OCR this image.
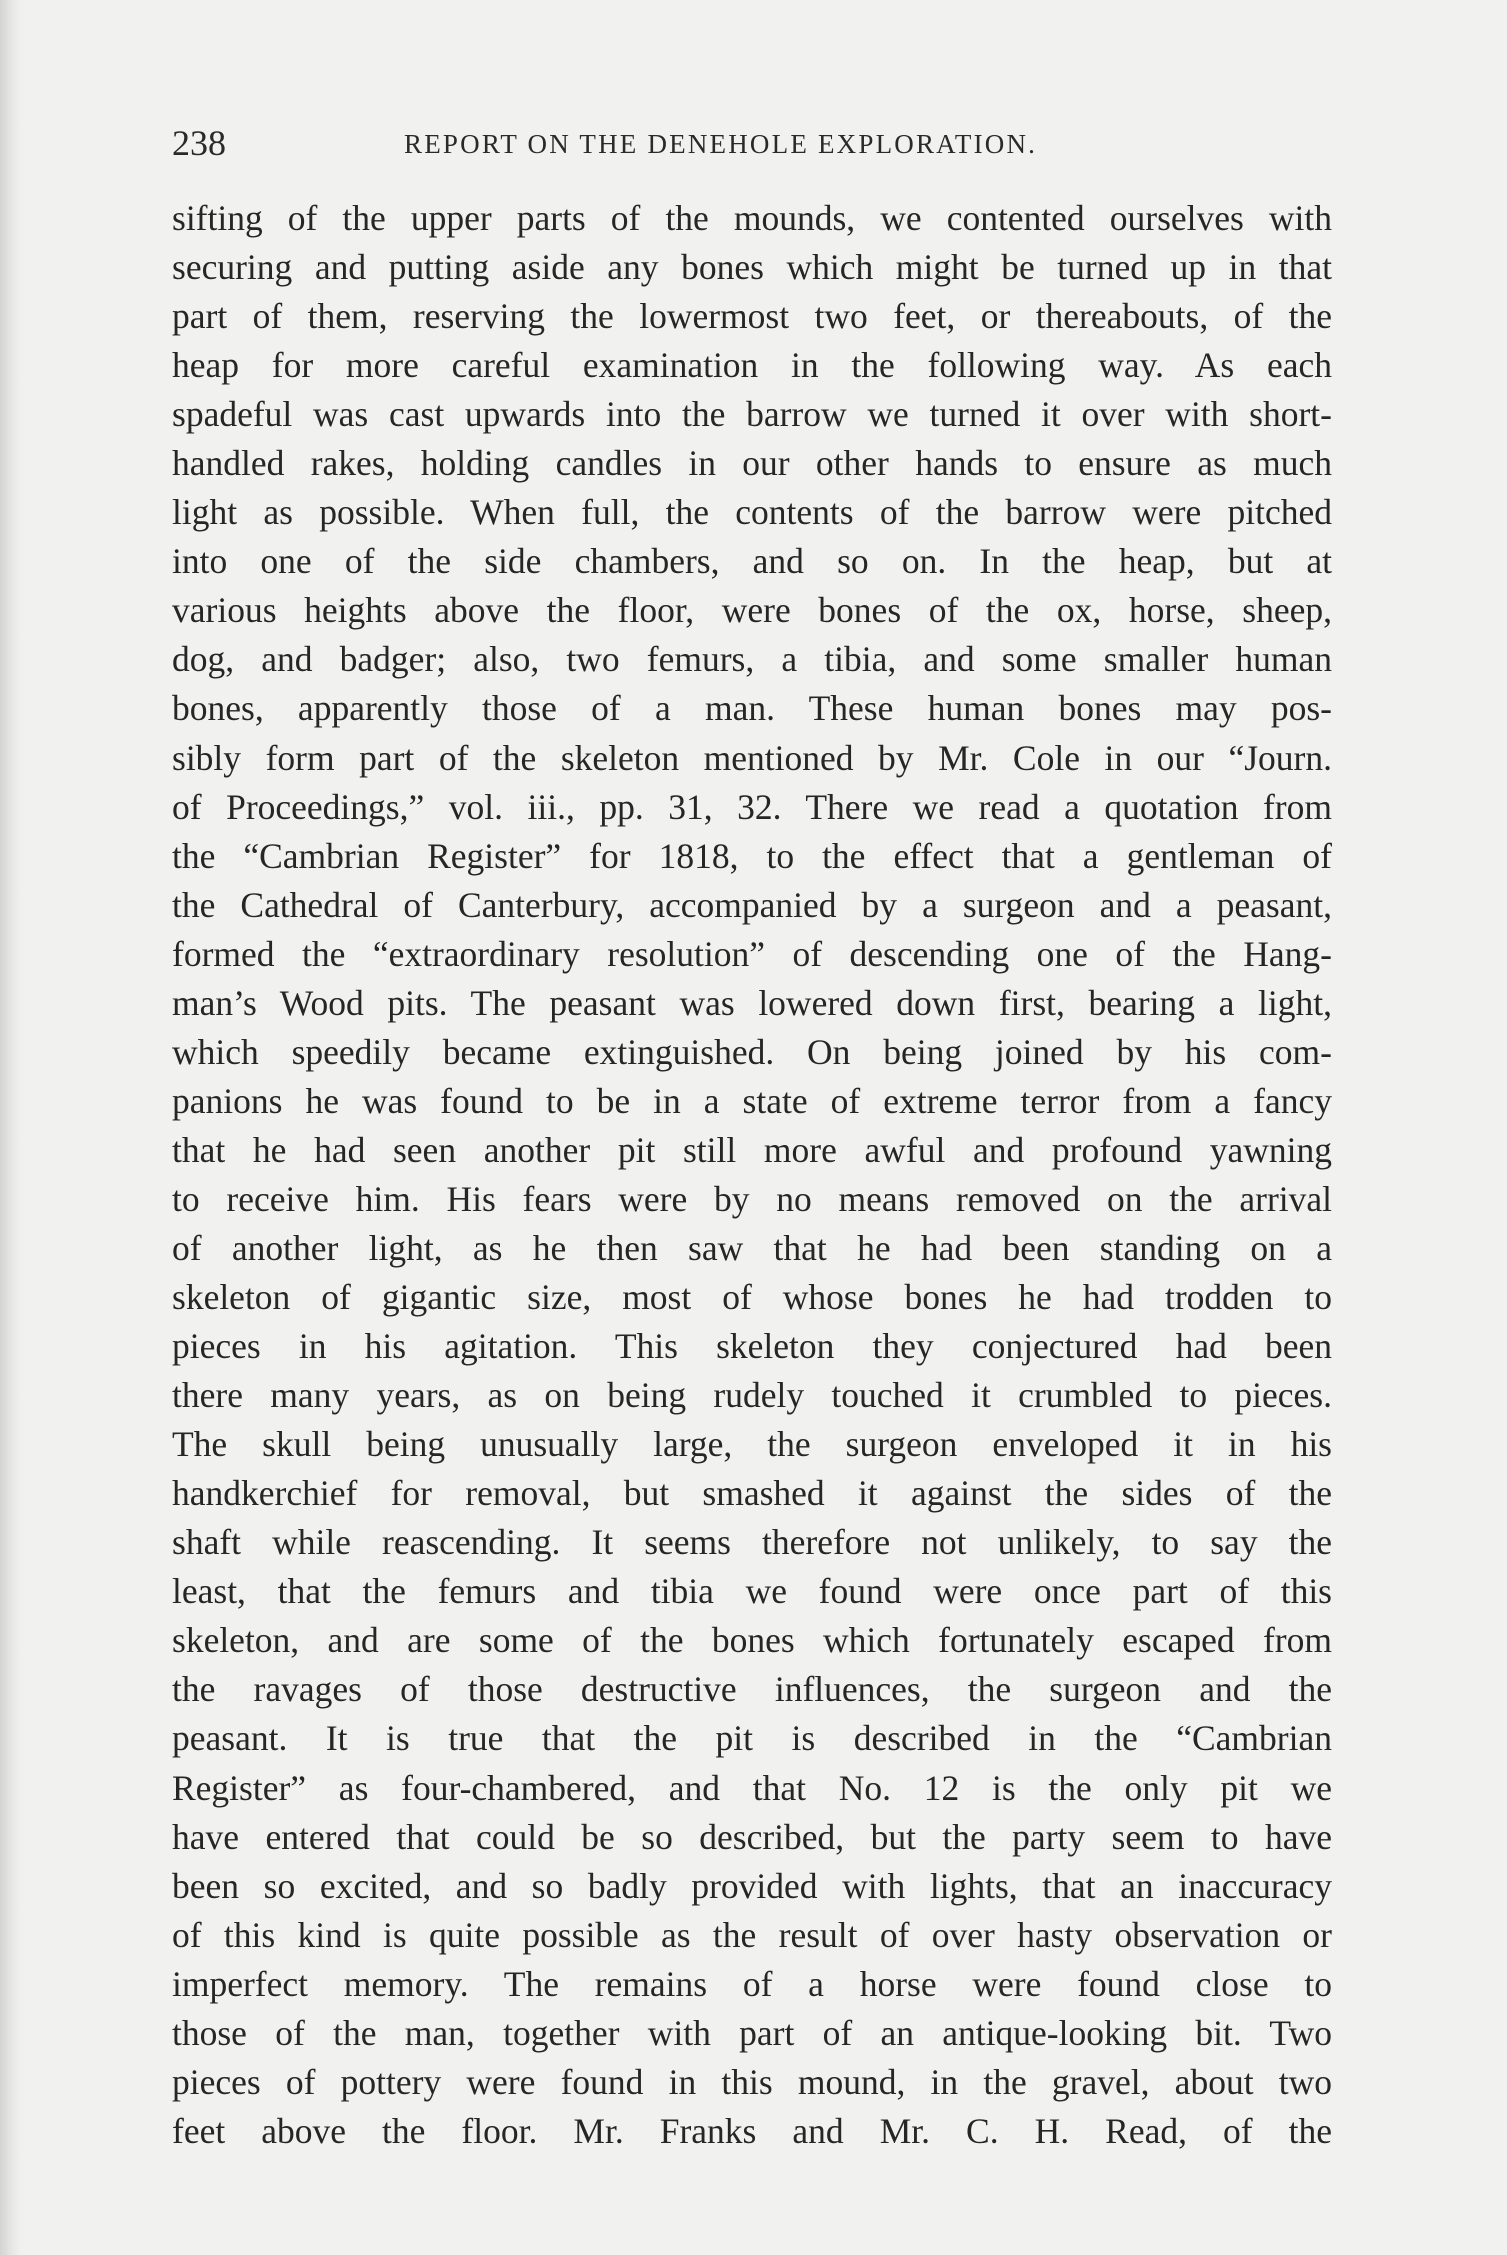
238	REPORT ON THE DENEHOLE EXPLORATION.
sifting of the upper parts of the mounds, we contented ourselves with
securing and putting aside any bones which might be turned up in that
part of them, reserving the lowermost two feet, or thereabouts, of the
heap for more careful examination in the following way. As each
spadeful was cast upwards into the barrow we turned it over with short-
handled rakes, holding candles in our other hands to ensure as much
light as possible. When full, the contents of the barrow were pitched
into one of the side chambers, and so on. In the heap, but at
various heights above the floor, were bones of the ox, horse, sheep,
dog, and badger; also, two femurs, a tibia, and some smaller human
bones, apparently those of a man. These human bones may pos-
sibly form part of the skeleton mentioned by Mr. Cole in our “Journ.
of Proceedings,” vol. iii., pp. 31, 32. There we read a quotation from
the “Cambrian Register” for 1818, to the effect that a gentleman of
the Cathedral of Canterbury, accompanied by a surgeon and a peasant,
formed the “extraordinary resolution” of descending one of the Hang-
man’s Wood pits. The peasant was lowered down first, bearing a light,
which speedily became extinguished. On being joined by his com-
panions he was found to be in a state of extreme terror from a fancy
that he had seen another pit still more awful and profound yawning
to receive him. His fears were by no means removed on the arrival
of another light, as he then saw that he had been standing on a
skeleton of gigantic size, most of whose bones he had trodden to
pieces in his agitation. This skeleton they conjectured had been
there many years, as on being rudely touched it crumbled to pieces.
The skull being unusually large, the surgeon enveloped it in his
handkerchief for removal, but smashed it against the sides of the
shaft while reascending. It seems therefore not unlikely, to say the
least, that the femurs and tibia we found were once part of this
skeleton, and are some of the bones which fortunately escaped from
the ravages of those destructive influences, the surgeon and the
peasant. It is true that the pit is described in the “Cambrian
Register” as four-chambered, and that No. 12 is the only pit we
have entered that could be so described, but the party seem to have
been so excited, and so badly provided with lights, that an inaccuracy
of this kind is quite possible as the result of over hasty observation or
imperfect memory. The remains of a horse were found close to
those of the man, together with part of an antique-looking bit. Two
pieces of pottery were found in this mound, in the gravel, about two
feet above the floor. Mr. Franks and Mr. C. H. Read, of the
